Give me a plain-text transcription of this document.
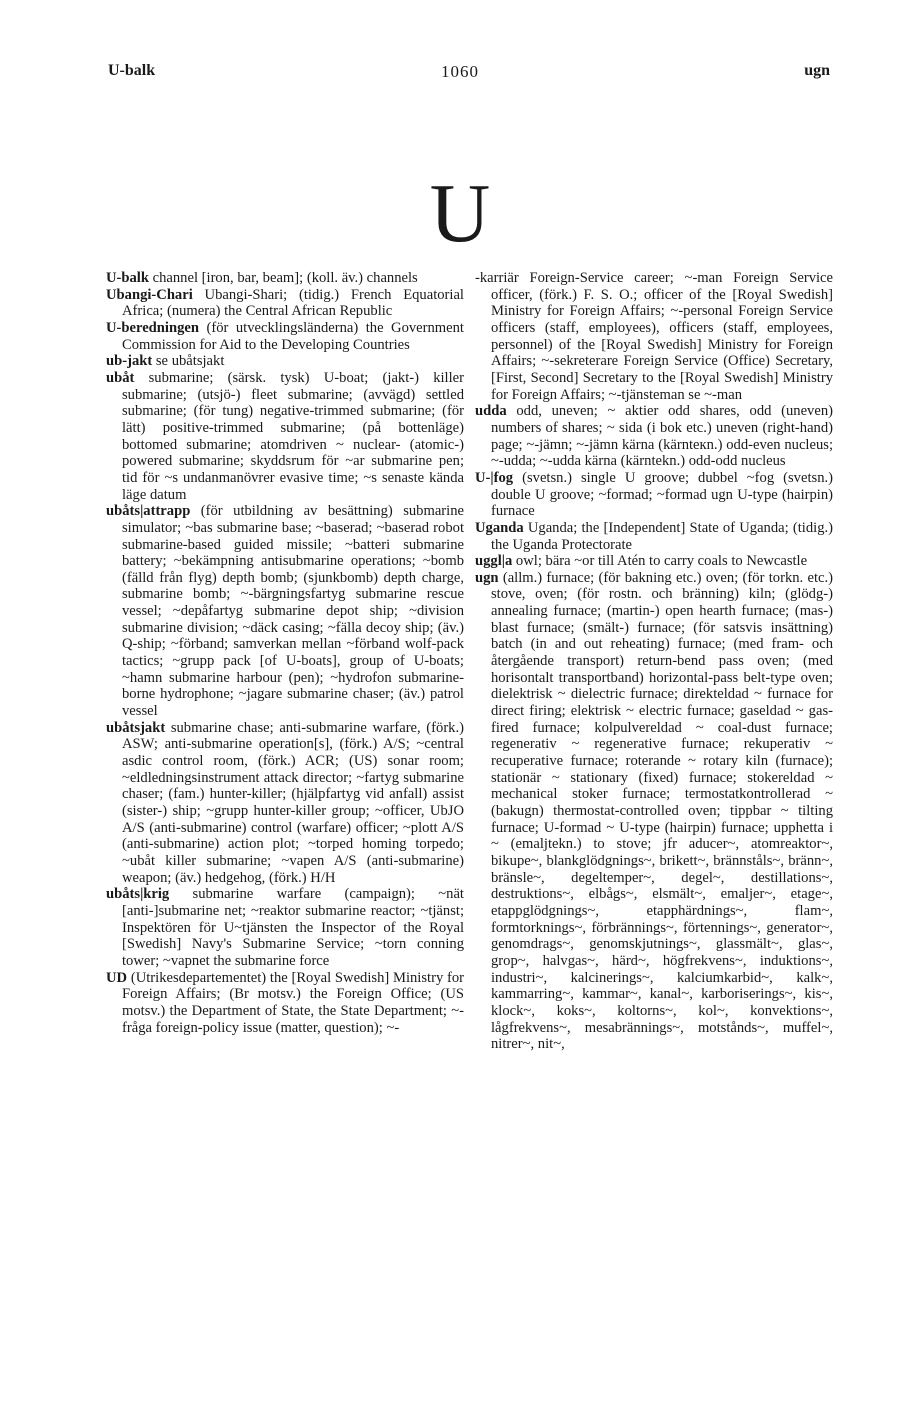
U-balk	1060	ugn
U

U-balk channel [iron, bar, beam]; (koll. äv.) channels

Ubangi-Chari Ubangi-Shari; (tidig.) French Equatorial Africa; (numera) the Central African Republic

U-beredningen (för utvecklingsländerna) the Government Commission for Aid to the Developing Countries

ub-jakt se ubåtsjakt

ubåt submarine; (särsk. tysk) U-boat; (jakt-) killer submarine; (utsjö-) fleet submarine; (avvägd) settled submarine; (för tung) negative-trimmed submarine; (för lätt) positive-trimmed submarine; (på bottenläge) bottomed submarine; atomdriven ~ nuclear- (atomic-) powered submarine; skyddsrum för ~ar submarine pen; tid för ~s undanmanövrer evasive time; ~s senaste kända läge datum

ubåts|attrapp (för utbildning av besättning) submarine simulator; ~bas submarine base; ~baserad; ~baserad robot submarine-based guided missile; ~batteri submarine battery; ~bekämpning antisubmarine operations; ~bomb (fälld från flyg) depth bomb; (sjunkbomb) depth charge, submarine bomb; ~-bärgningsfartyg submarine rescue vessel; ~depåfartyg submarine depot ship; ~division submarine division; ~däck casing; ~fälla decoy ship; (äv.) Q-ship; ~förband; samverkan mellan ~förband wolf-pack tactics; ~grupp pack [of U-boats], group of U-boats; ~hamn submarine harbour (pen); ~hydrofon submarine-borne hydrophone; ~jagare submarine chaser; (äv.) patrol vessel

ubåtsjakt submarine chase; anti-submarine warfare, (förk.) ASW; anti-submarine operation[s], (förk.) A/S; ~central asdic control room, (förk.) ACR; (US) sonar room; ~eldledningsinstrument attack director; ~fartyg submarine chaser; (fam.) hunter-killer; (hjälpfartyg vid anfall) assist (sister-) ship; ~grupp hunter-killer group; ~officer, UbJO A/S (anti-submarine) control (warfare) officer; ~plott A/S (anti-submarine) action plot; ~torped homing torpedo; ~ubåt killer submarine; ~vapen A/S (anti-submarine) weapon; (äv.) hedgehog, (förk.) H/H

ubåts|krig submarine warfare (campaign); ~nät [anti-]submarine net; ~reaktor submarine reactor; ~tjänst; Inspektören för U~tjänsten the Inspector of the Royal [Swedish] Navy's Submarine Service; ~torn conning tower; ~vapnet the submarine force

UD (Utrikesdepartementet) the [Royal Swedish] Ministry for Foreign Affairs; (Br motsv.) the Foreign Office; (US motsv.) the Department of State, the State Department; ~-fråga foreign-policy issue (matter, question); ~-

-karriär Foreign-Service career; ~-man Foreign Service officer, (förk.) F. S. O.; officer of the [Royal Swedish] Ministry for Foreign Affairs; ~-personal Foreign Service officers (staff, employees), officers (staff, employees, personnel) of the [Royal Swedish] Ministry for Foreign Affairs; ~-sekreterare Foreign Service (Office) Secretary, [First, Second] Secretary to the [Royal Swedish] Ministry for Foreign Affairs; ~-tjänsteman se ~-man

udda odd, uneven; ~ aktier odd shares, odd (uneven) numbers of shares; ~ sida (i bok etc.) uneven (right-hand) page; ~-jämn; ~-jämn kärna (kärnteкn.) odd-even nucleus; ~-udda; ~-udda kärna (kärntekn.) odd-odd nucleus

U-|fog (svetsn.) single U groove; dubbel ~fog (svetsn.) double U groove; ~formad; ~formad ugn U-type (hairpin) furnace

Uganda Uganda; the [Independent] State of Uganda; (tidig.) the Uganda Protectorate

uggl|a owl; bära ~or till Atén to carry coals to Newcastle

ugn (allm.) furnace; (för bakning etc.) oven; (för torkn. etc.) stove, oven; (för rostn. och bränning) kiln; (glödg-) annealing furnace; (martin-) open hearth furnace; (mas-) blast furnace; (smält-) furnace; (för satsvis insättning) batch (in and out reheating) furnace; (med fram- och återgående transport) return-bend pass oven; (med horisontalt transportband) horizontal-pass belt-type oven; dielektrisk ~ dielectric furnace; direkteldad ~ furnace for direct firing; elektrisk ~ electric furnace; gaseldad ~ gas-fired furnace; kolpulvereldad ~ coal-dust furnace; regenerativ ~ regenerative furnace; rekuperativ ~ recuperative furnace; roterande ~ rotary kiln (furnace); stationär ~ stationary (fixed) furnace; stokereldad ~ mechanical stoker furnace; termostatkontrollerad ~ (bakugn) thermostat-controlled oven; tippbar ~ tilting furnace; U-formad ~ U-type (hairpin) furnace; upphetta i ~ (emaljtekn.) to stove; jfr aducer~, atomreaktor~, bikupe~, blankglödgnings~, brikett~, brännståls~, bränn~, bränsle~, degeltemper~, degel~, destillations~, destruktions~, elbågs~, elsmält~, emaljer~, etage~, etappglödgnings~, etapphärdnings~, flam~, formtorknings~, förbrännings~, förtennings~, generator~, genomdrags~, genomskjutnings~, glassmält~, glas~, grop~, halvgas~, härd~, högfrekvens~, induktions~, industri~, kalcinerings~, kalciumkarbid~, kalk~, kammarring~, kammar~, kanal~, karboriserings~, kis~, klock~, koks~, koltorns~, kol~, konvektions~, lågfrekvens~, mesabrännings~, motstånds~, muffel~, nitrer~, nit~,
